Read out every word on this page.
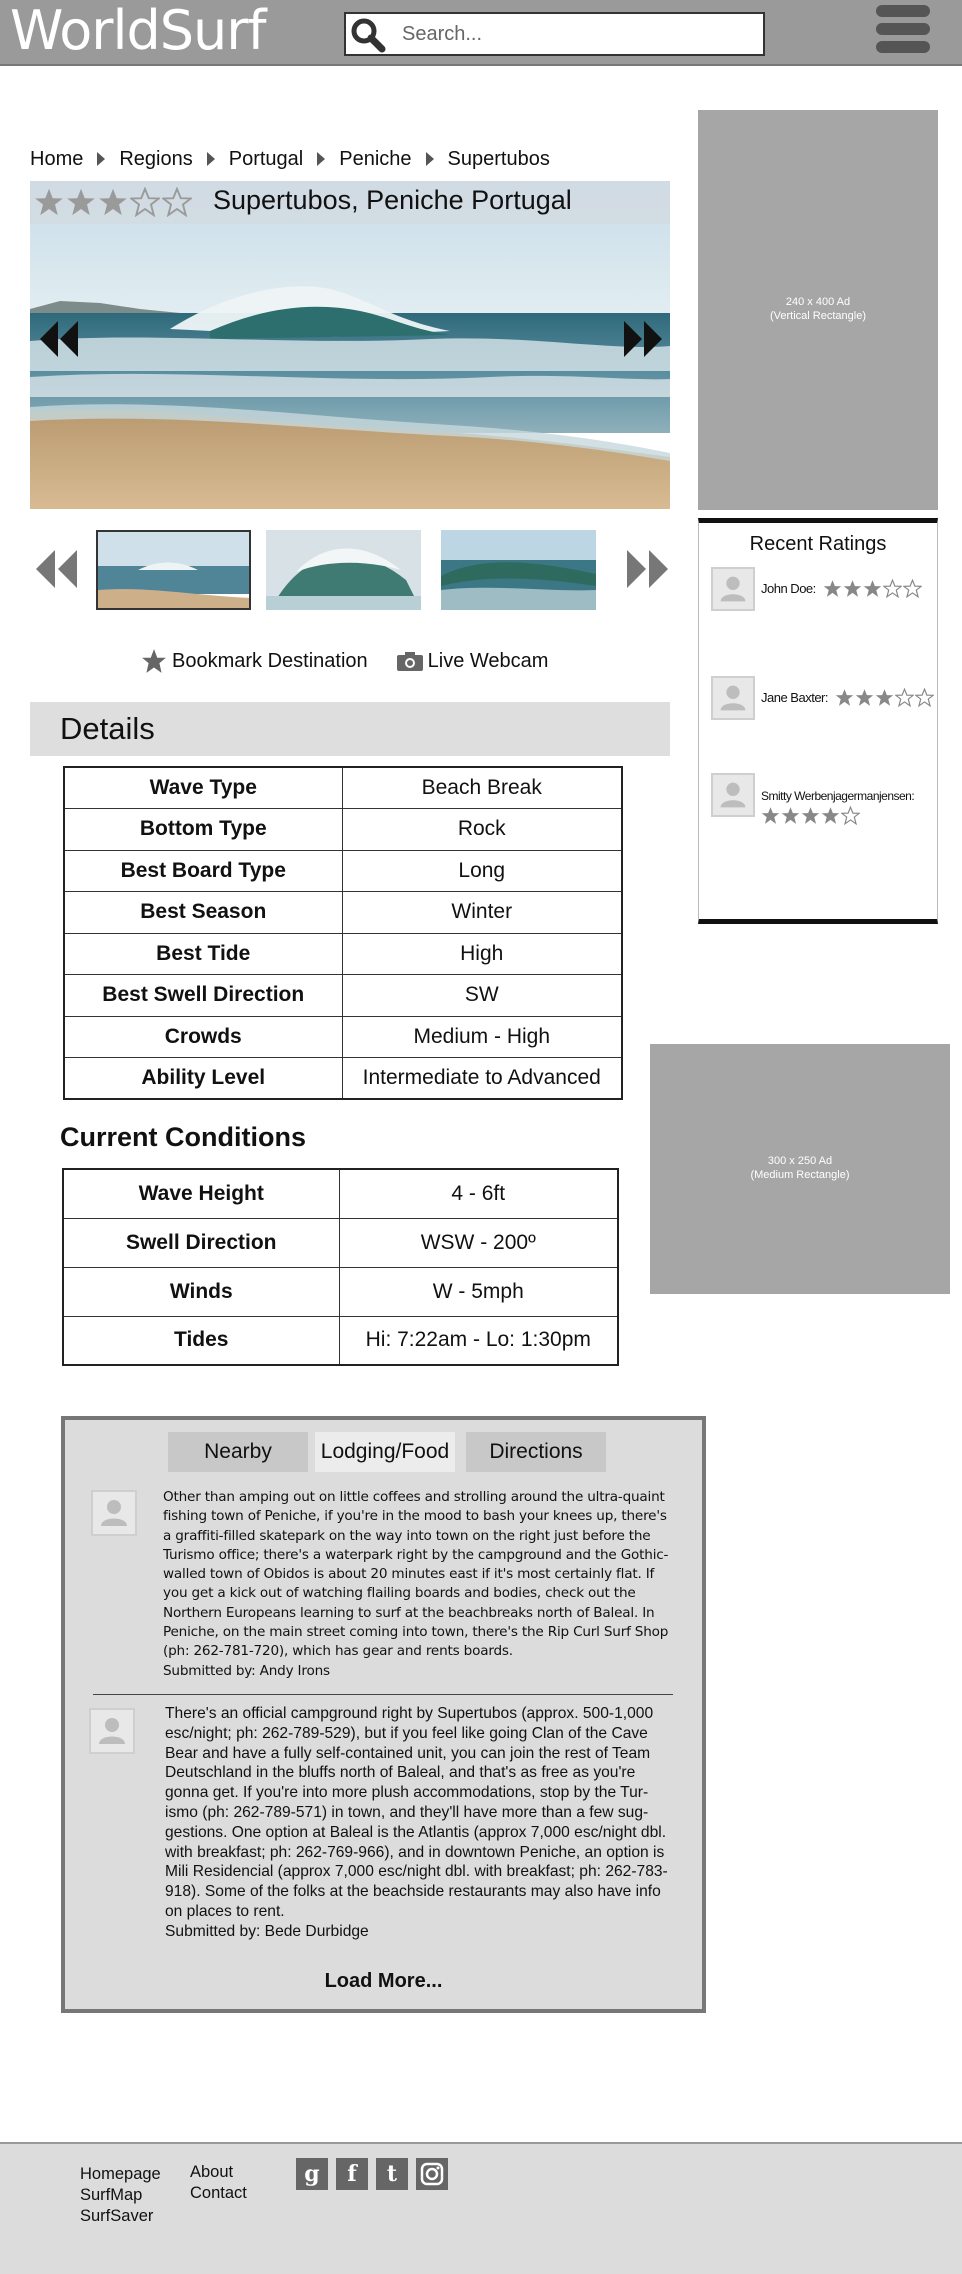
WorldSurf
Search...
Home Regions Portugal Peniche Supertubos
Supertubos, Peniche Portugal
Bookmark Destination	Live Webcam
Details
Wave Type	Beach Break
Bottom Type	Rock
Best Board Type	Long
Best Season	Winter
Best Tide	High
Best Swell Direction	SW
Crowds	Medium - High
Ability Level	Intermediate to Advanced
Current Conditions
Wave Height	4 - 6ft
Swell Direction	WSW - 200º
Winds	W - 5mph
Tides	Hi: 7:22am - Lo: 1:30pm
240 x 400 Ad
(Vertical Rectangle)
Recent Ratings
John Doe:
Jane Baxter:
Smitty Werbenjagermanjensen:
300 x 250 Ad
(Medium Rectangle)
Nearby	Lodging/Food	Directions
Other than amping out on little coffees and strolling around the ultra-quaint fishing town of Peniche, if you're in the mood to bash your knees up, there's a graffiti-filled skatepark on the way into town on the right just before the Turismo office; there's a waterpark right by the campground and the Gothic-walled town of Obidos is about 20 minutes east if it's most certainly flat. If you get a kick out of watching flailing boards and bodies, check out the Northern Europeans learning to surf at the beachbreaks north of Baleal. In Peniche, on the main street coming into town, there's the Rip Curl Surf Shop (ph: 262-781-720), which has gear and rents boards.
Submitted by: Andy Irons
There's an official campground right by Supertubos (approx. 500-1,000 esc/night; ph: 262-789-529), but if you feel like going Clan of the Cave Bear and have a fully self-contained unit, you can join the rest of Team Deutschland in the bluffs north of Baleal, and that's as free as you're gonna get. If you're into more plush accommodations, stop by the Tur-ismo (ph: 262-789-571) in town, and they'll have more than a few sug-gestions. One option at Baleal is the Atlantis (approx 7,000 esc/night dbl. with breakfast; ph: 262-769-966), and in downtown Peniche, an option is Mili Residencial (approx 7,000 esc/night dbl. with breakfast; ph: 262-783-918). Some of the folks at the beachside restaurants may also have info on places to rent.
Submitted by: Bede Durbidge
Load More...
Homepage
SurfMap
SurfSaver
About
Contact
g	f	t
